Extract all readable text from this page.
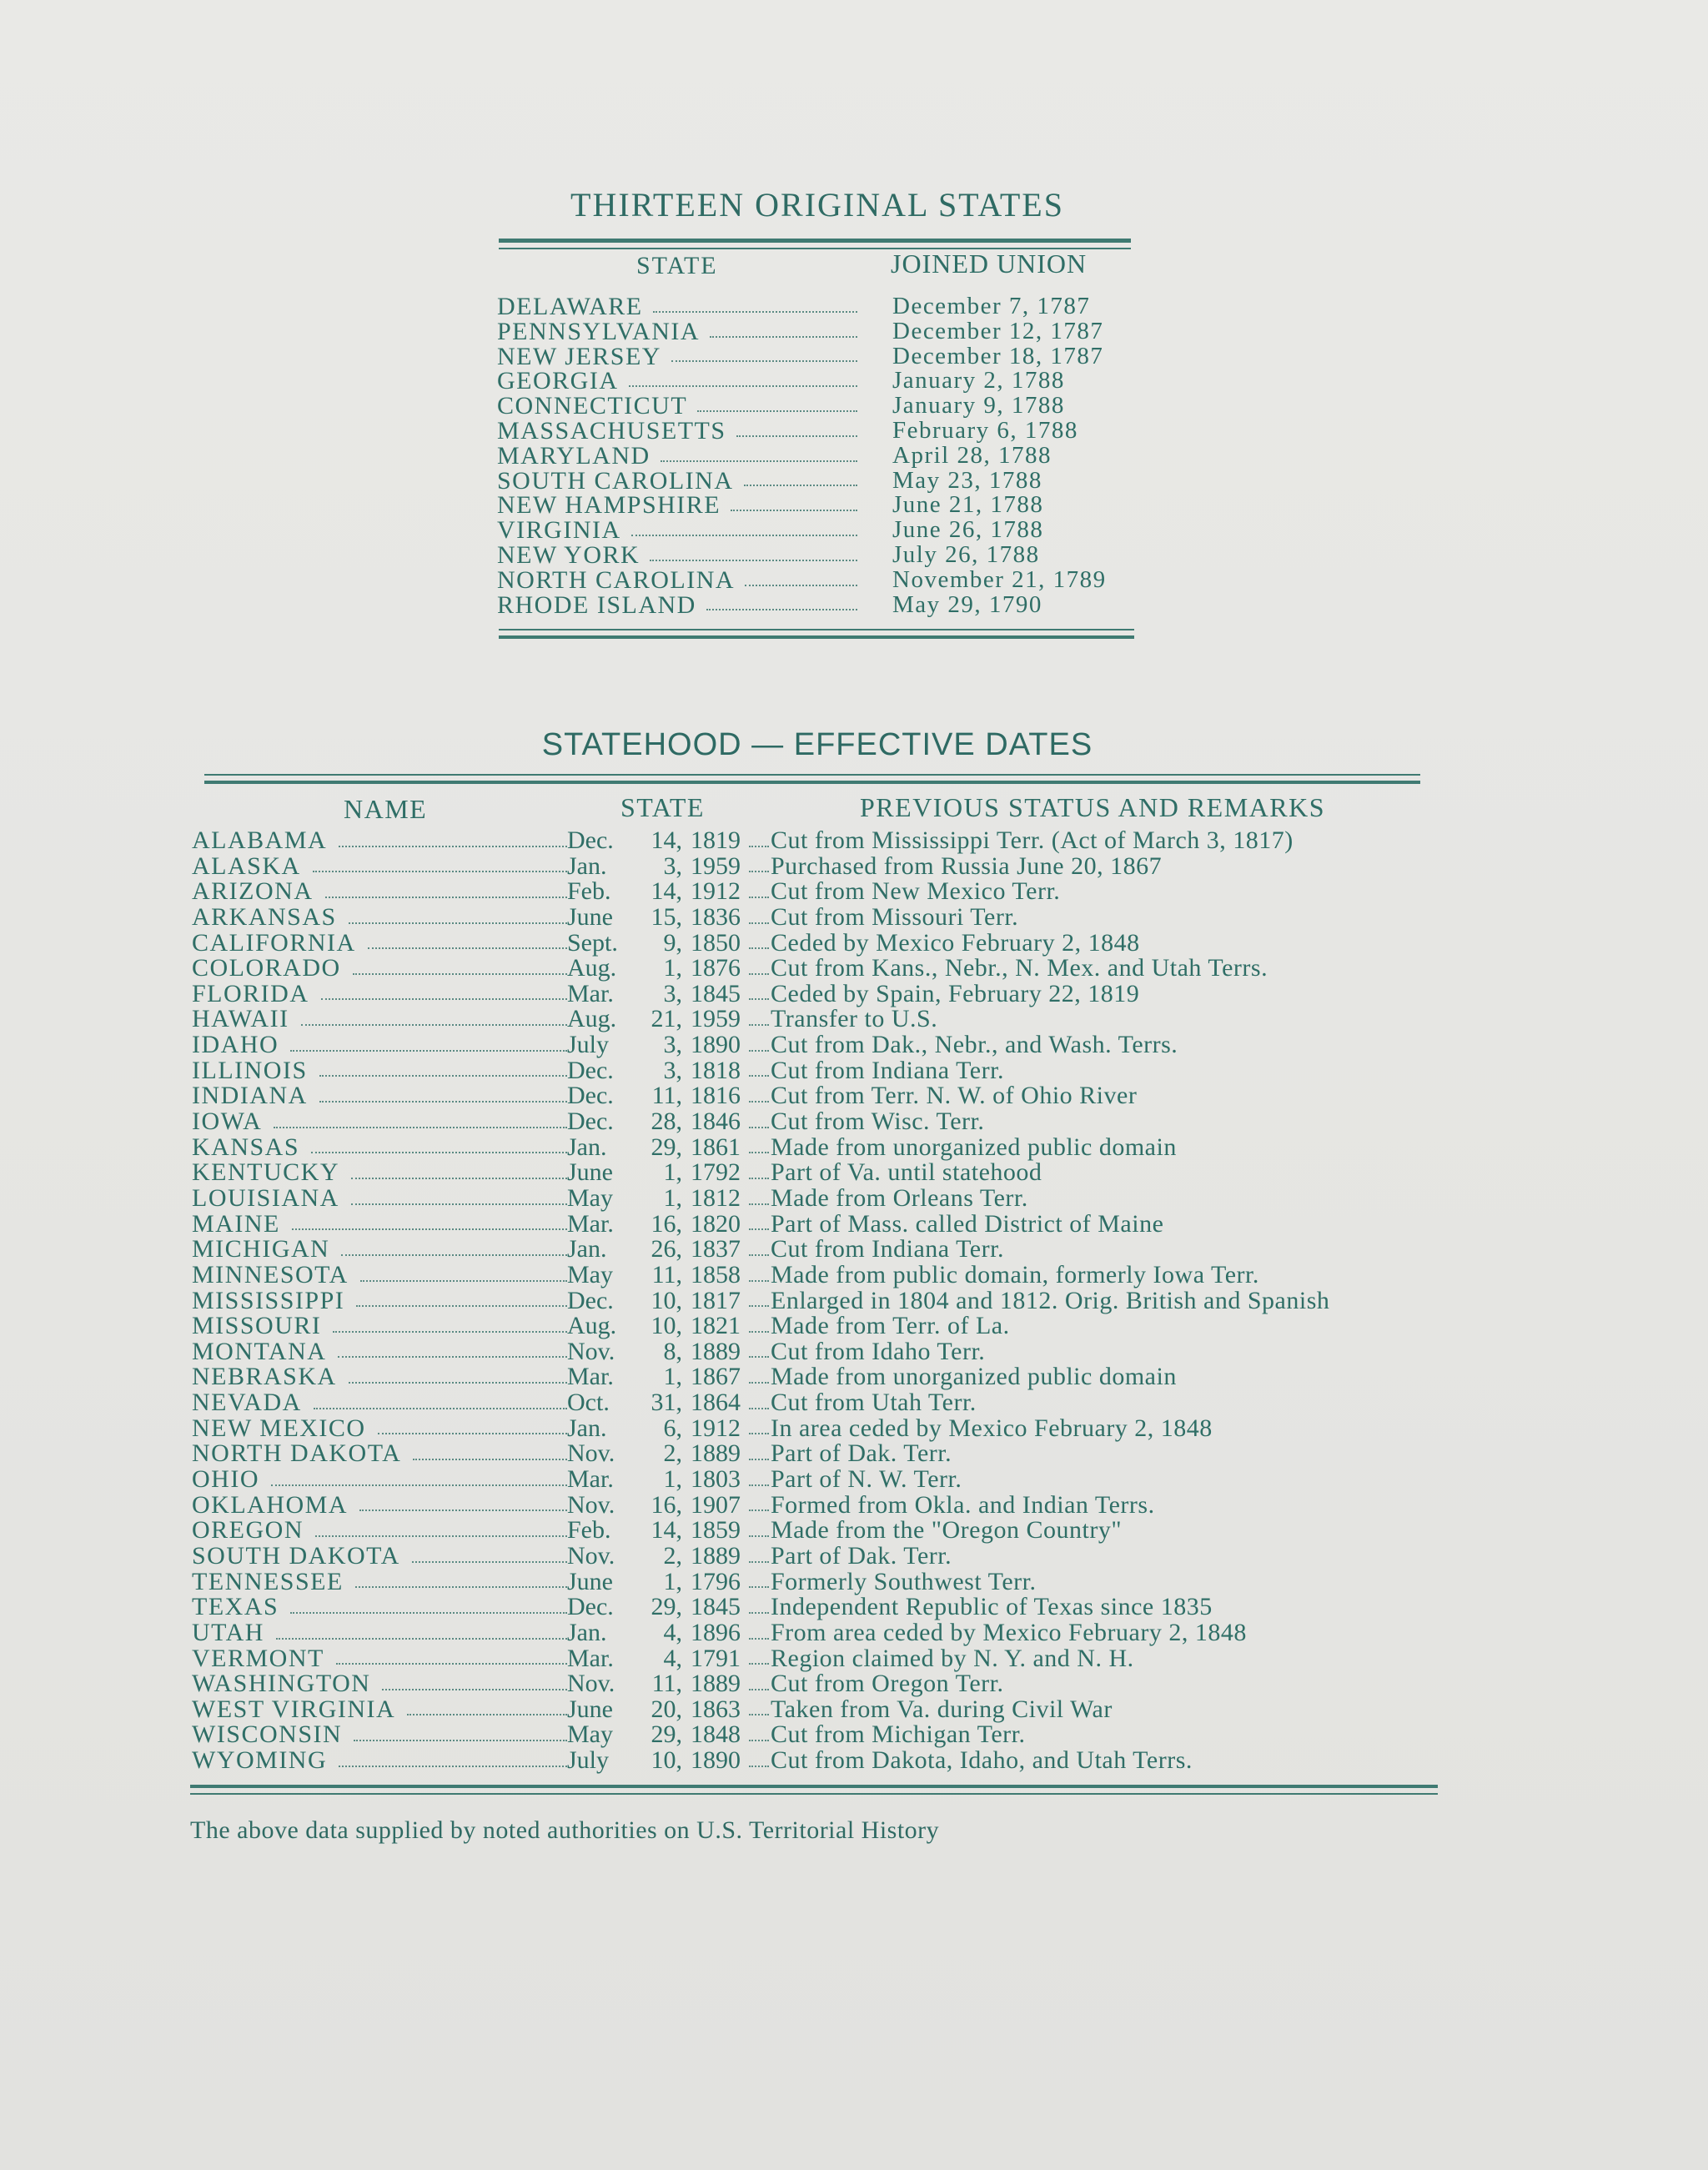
THIRTEEN ORIGINAL STATES
STATE	JOINED UNION
DELAWARE	December 7, 1787
PENNSYLVANIA	December 12, 1787
NEW JERSEY	December 18, 1787
GEORGIA	January 2, 1788
CONNECTICUT	January 9, 1788
MASSACHUSETTS	February 6, 1788
MARYLAND	April 28, 1788
SOUTH CAROLINA	May 23, 1788
NEW HAMPSHIRE	June 21, 1788
VIRGINIA	June 26, 1788
NEW YORK	July 26, 1788
NORTH CAROLINA	November 21, 1789
RHODE ISLAND	May 29, 1790
STATEHOOD — EFFECTIVE DATES
NAME	STATE	PREVIOUS STATUS AND REMARKS
ALABAMA	Dec.	14, 1819	Cut from Mississippi Terr. (Act of March 3, 1817)
ALASKA	Jan.	3, 1959	Purchased from Russia June 20, 1867
ARIZONA	Feb.	14, 1912	Cut from New Mexico Terr.
ARKANSAS	June	15, 1836	Cut from Missouri Terr.
CALIFORNIA	Sept.	9, 1850	Ceded by Mexico February 2, 1848
COLORADO	Aug.	1, 1876	Cut from Kans., Nebr., N. Mex. and Utah Terrs.
FLORIDA	Mar.	3, 1845	Ceded by Spain, February 22, 1819
HAWAII	Aug.	21, 1959	Transfer to U.S.
IDAHO	July	3, 1890	Cut from Dak., Nebr., and Wash. Terrs.
ILLINOIS	Dec.	3, 1818	Cut from Indiana Terr.
INDIANA	Dec.	11, 1816	Cut from Terr. N. W. of Ohio River
IOWA	Dec.	28, 1846	Cut from Wisc. Terr.
KANSAS	Jan.	29, 1861	Made from unorganized public domain
KENTUCKY	June	1, 1792	Part of Va. until statehood
LOUISIANA	May	1, 1812	Made from Orleans Terr.
MAINE	Mar.	16, 1820	Part of Mass. called District of Maine
MICHIGAN	Jan.	26, 1837	Cut from Indiana Terr.
MINNESOTA	May	11, 1858	Made from public domain, formerly Iowa Terr.
MISSISSIPPI	Dec.	10, 1817	Enlarged in 1804 and 1812. Orig. British and Spanish
MISSOURI	Aug.	10, 1821	Made from Terr. of La.
MONTANA	Nov.	8, 1889	Cut from Idaho Terr.
NEBRASKA	Mar.	1, 1867	Made from unorganized public domain
NEVADA	Oct.	31, 1864	Cut from Utah Terr.
NEW MEXICO	Jan.	6, 1912	In area ceded by Mexico February 2, 1848
NORTH DAKOTA	Nov.	2, 1889	Part of Dak. Terr.
OHIO	Mar.	1, 1803	Part of N. W. Terr.
OKLAHOMA	Nov.	16, 1907	Formed from Okla. and Indian Terrs.
OREGON	Feb.	14, 1859	Made from the "Oregon Country"
SOUTH DAKOTA	Nov.	2, 1889	Part of Dak. Terr.
TENNESSEE	June	1, 1796	Formerly Southwest Terr.
TEXAS	Dec.	29, 1845	Independent Republic of Texas since 1835
UTAH	Jan.	4, 1896	From area ceded by Mexico February 2, 1848
VERMONT	Mar.	4, 1791	Region claimed by N. Y. and N. H.
WASHINGTON	Nov.	11, 1889	Cut from Oregon Terr.
WEST VIRGINIA	June	20, 1863	Taken from Va. during Civil War
WISCONSIN	May	29, 1848	Cut from Michigan Terr.
WYOMING	July	10, 1890	Cut from Dakota, Idaho, and Utah Terrs.
The above data supplied by noted authorities on U.S. Territorial History
